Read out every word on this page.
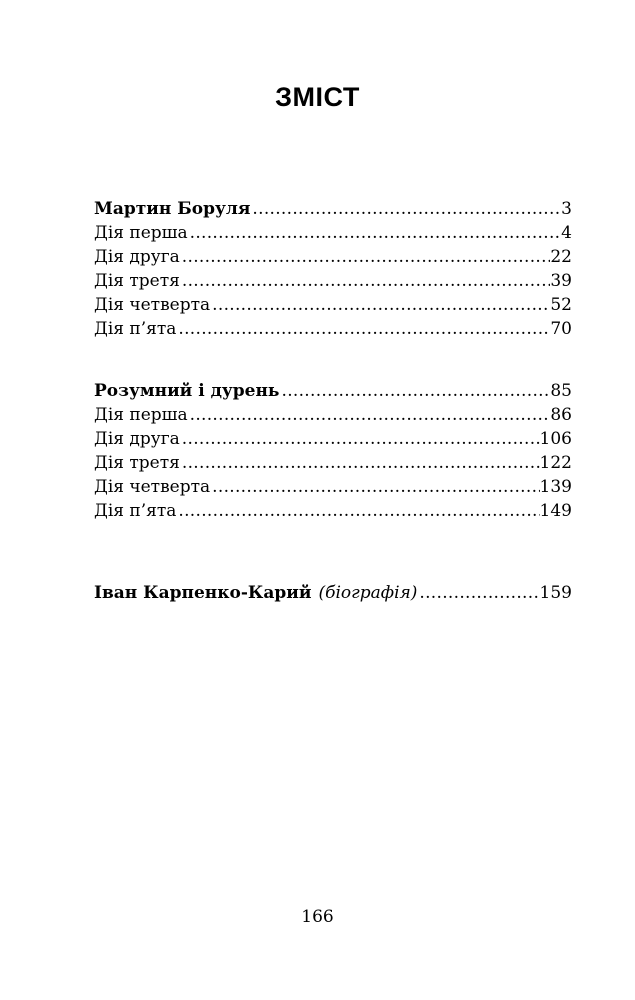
ЗМІСТ
Мартин Боруля .....	3
Дія перша .....	4
Дія друга .....	22
Дія третя .....	39
Дія четверта .....	52
Дія п’ята .....	70
Розумний і дурень .....	85
Дія перша .....	86
Дія друга .....	106
Дія третя .....	122
Дія четверта .....	139
Дія п’ята .....	149
Іван Карпенко-Карий (біографія) .....	159
166
